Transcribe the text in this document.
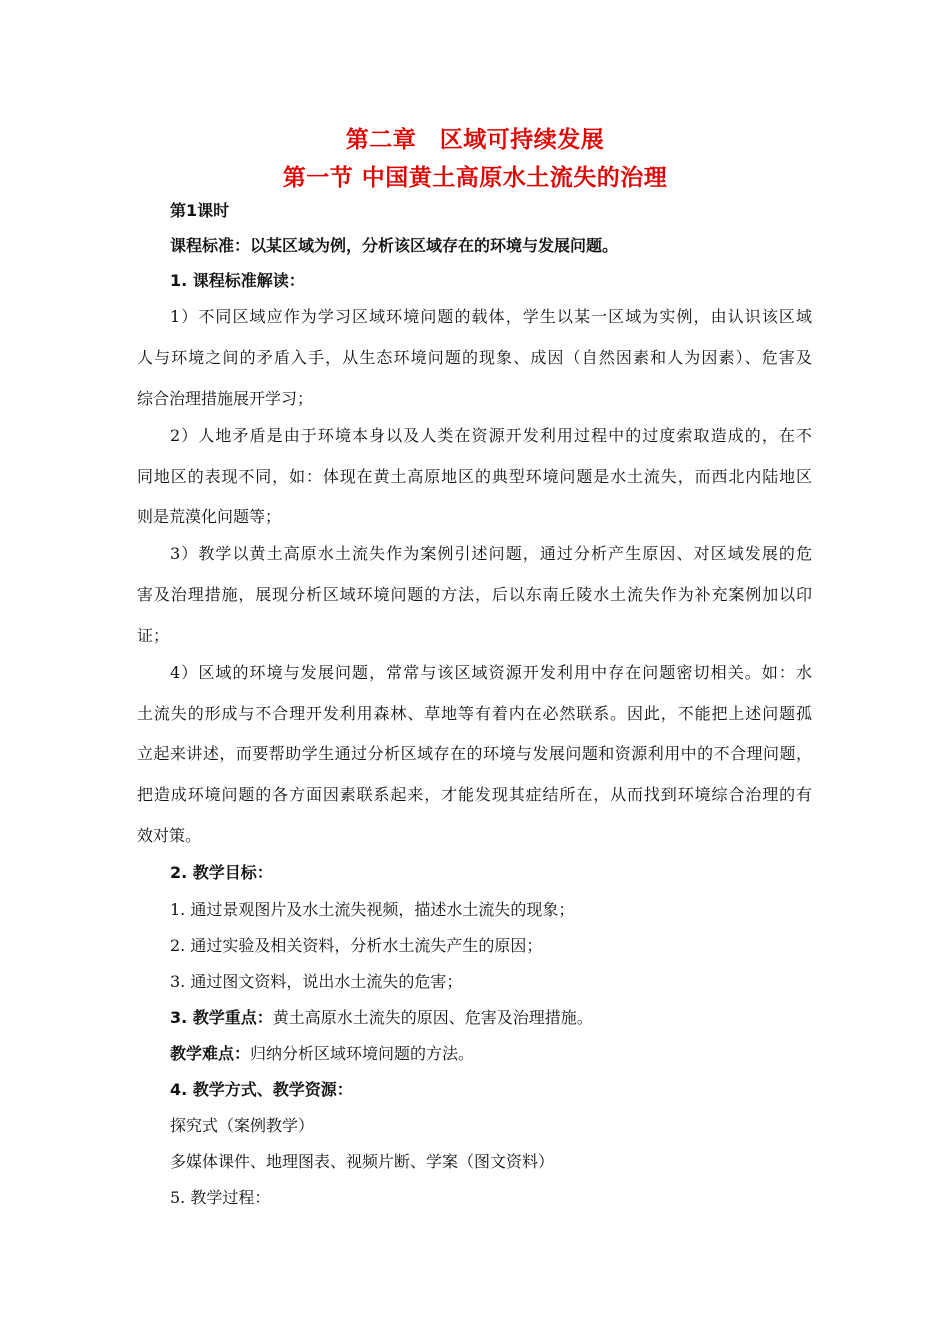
第二章　区域可持续发展
第一节 中国黄土高原水土流失的治理
第1课时
课程标准：以某区域为例，分析该区域存在的环境与发展问题。
1. 课程标准解读：
1）不同区域应作为学习区域环境问题的载体，学生以某一区域为实例，由认识该区域
人与环境之间的矛盾入手，从生态环境问题的现象、成因（自然因素和人为因素）、危害及
综合治理措施展开学习；
2）人地矛盾是由于环境本身以及人类在资源开发利用过程中的过度索取造成的，在不
同地区的表现不同，如：体现在黄土高原地区的典型环境问题是水土流失，而西北内陆地区
则是荒漠化问题等；
3）教学以黄土高原水土流失作为案例引述问题，通过分析产生原因、对区域发展的危
害及治理措施，展现分析区域环境问题的方法，后以东南丘陵水土流失作为补充案例加以印
证；
4）区域的环境与发展问题，常常与该区域资源开发利用中存在问题密切相关。如：水
土流失的形成与不合理开发利用森林、草地等有着内在必然联系。因此，不能把上述问题孤
立起来讲述，而要帮助学生通过分析区域存在的环境与发展问题和资源利用中的不合理问题，
把造成环境问题的各方面因素联系起来，才能发现其症结所在，从而找到环境综合治理的有
效对策。
2. 教学目标：
1. 通过景观图片及水土流失视频，描述水土流失的现象；
2. 通过实验及相关资料，分析水土流失产生的原因；
3. 通过图文资料，说出水土流失的危害；
3. 教学重点：黄土高原水土流失的原因、危害及治理措施。
教学难点：归纳分析区域环境问题的方法。
4. 教学方式、教学资源：
探究式（案例教学）
多媒体课件、地理图表、视频片断、学案（图文资料）
5. 教学过程：
